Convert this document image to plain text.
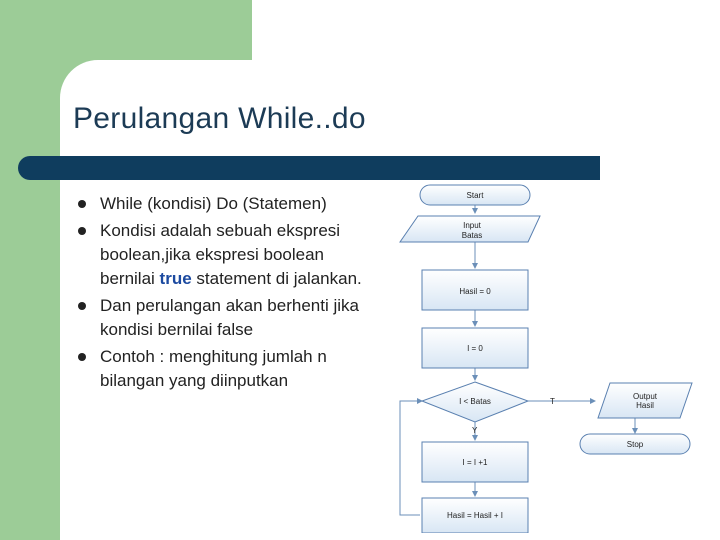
Perulangan While..do
While (kondisi) Do (Statemen)
Kondisi adalah sebuah ekspresi boolean,jika ekspresi boolean bernilai true statement di jalankan.
Dan perulangan akan berhenti jika kondisi bernilai false
Contoh : menghitung jumlah n bilangan yang diinputkan
Start
Input
Batas
Hasil = 0
I = 0
I < Batas	T
Y
Output
Hasil
Stop
I = I +1
Hasil = Hasil + I
